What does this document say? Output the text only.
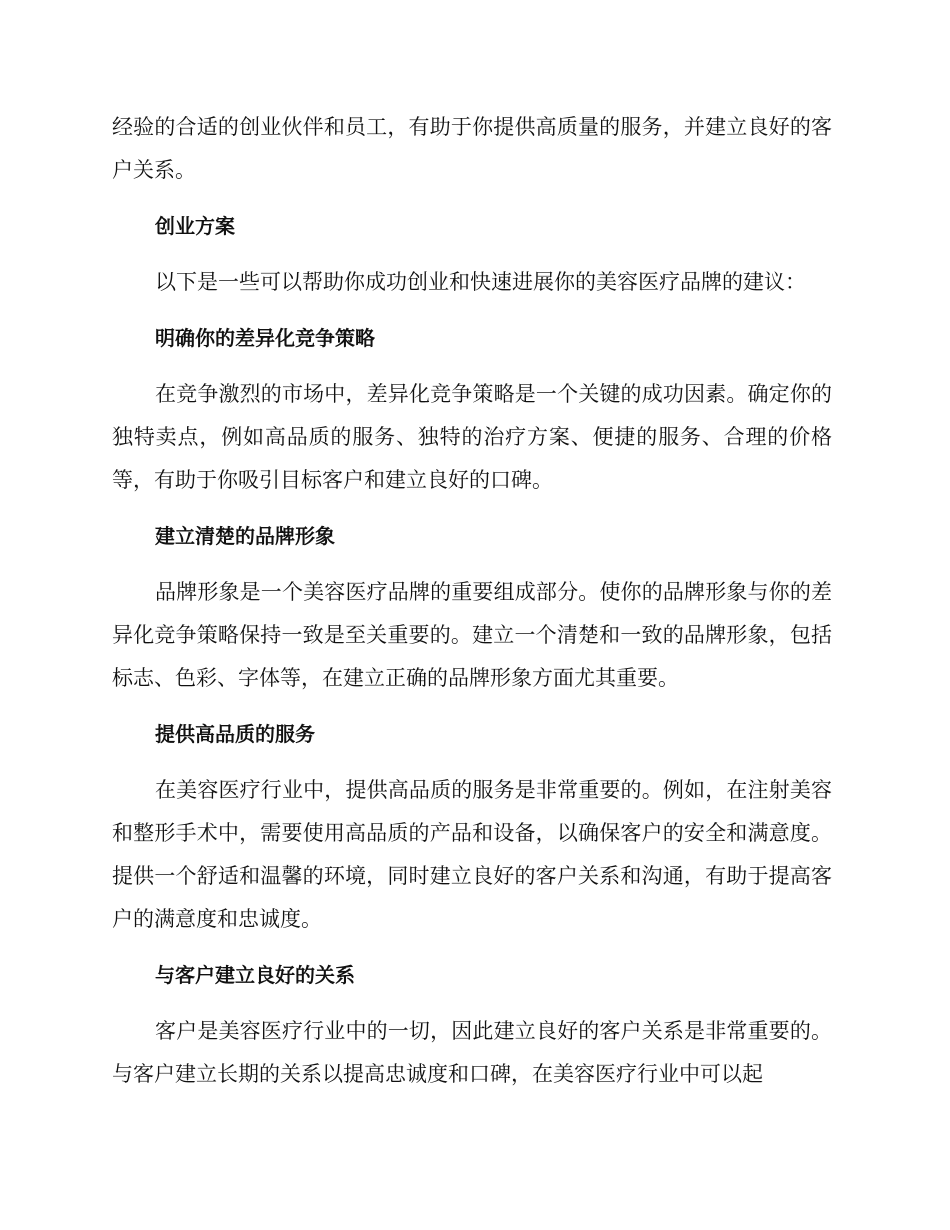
经验的合适的创业伙伴和员工，有助于你提供高质量的服务，并建立良好的客户关系。

创业方案

以下是一些可以帮助你成功创业和快速进展你的美容医疗品牌的建议：

明确你的差异化竞争策略

在竞争激烈的市场中，差异化竞争策略是一个关键的成功因素。确定你的独特卖点，例如高品质的服务、独特的治疗方案、便捷的服务、合理的价格等，有助于你吸引目标客户和建立良好的口碑。

建立清楚的品牌形象

品牌形象是一个美容医疗品牌的重要组成部分。使你的品牌形象与你的差异化竞争策略保持一致是至关重要的。建立一个清楚和一致的品牌形象，包括标志、色彩、字体等，在建立正确的品牌形象方面尤其重要。

提供高品质的服务

在美容医疗行业中，提供高品质的服务是非常重要的。例如，在注射美容和整形手术中，需要使用高品质的产品和设备，以确保客户的安全和满意度。提供一个舒适和温馨的环境，同时建立良好的客户关系和沟通，有助于提高客户的满意度和忠诚度。

与客户建立良好的关系

客户是美容医疗行业中的一切，因此建立良好的客户关系是非常重要的。与客户建立长期的关系以提高忠诚度和口碑，在美容医疗行业中可以起
